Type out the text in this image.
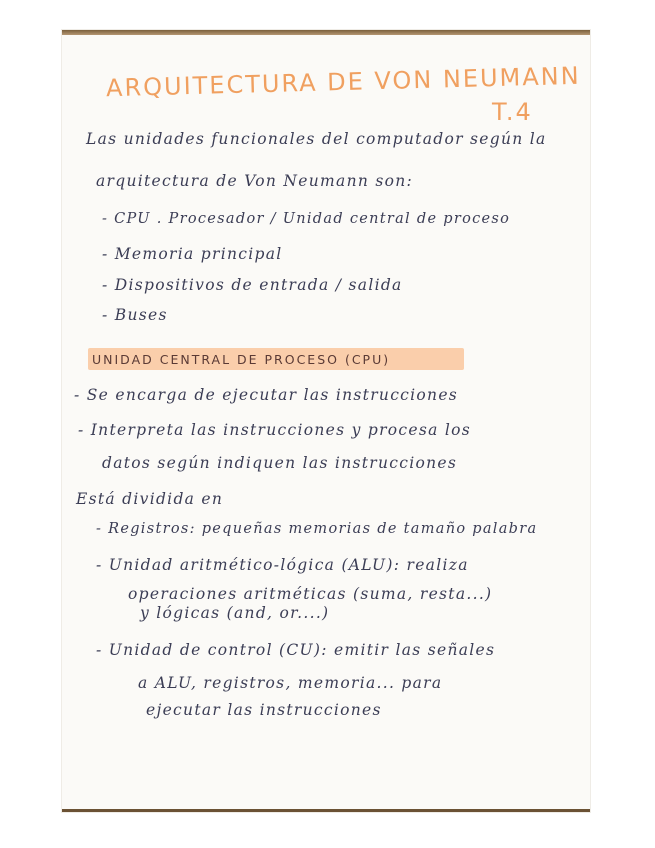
ARQUITECTURA DE VON NEUMANN
T.4
Las unidades funcionales del computador según la
arquitectura de Von Neumann son:
- CPU . Procesador / Unidad central de proceso
- Memoria principal
- Dispositivos de entrada / salida
- Buses
UNIDAD CENTRAL DE PROCESO (CPU)
- Se encarga de ejecutar las instrucciones
- Interpreta las instrucciones y procesa los
datos según indiquen las instrucciones
Está dividida en
- Registros: pequeñas memorias de tamaño palabra
- Unidad aritmético-lógica (ALU): realiza
operaciones aritméticas (suma, resta...)
y lógicas (and, or....)
- Unidad de control (CU): emitir las señales
a ALU, registros, memoria... para
ejecutar las instrucciones
